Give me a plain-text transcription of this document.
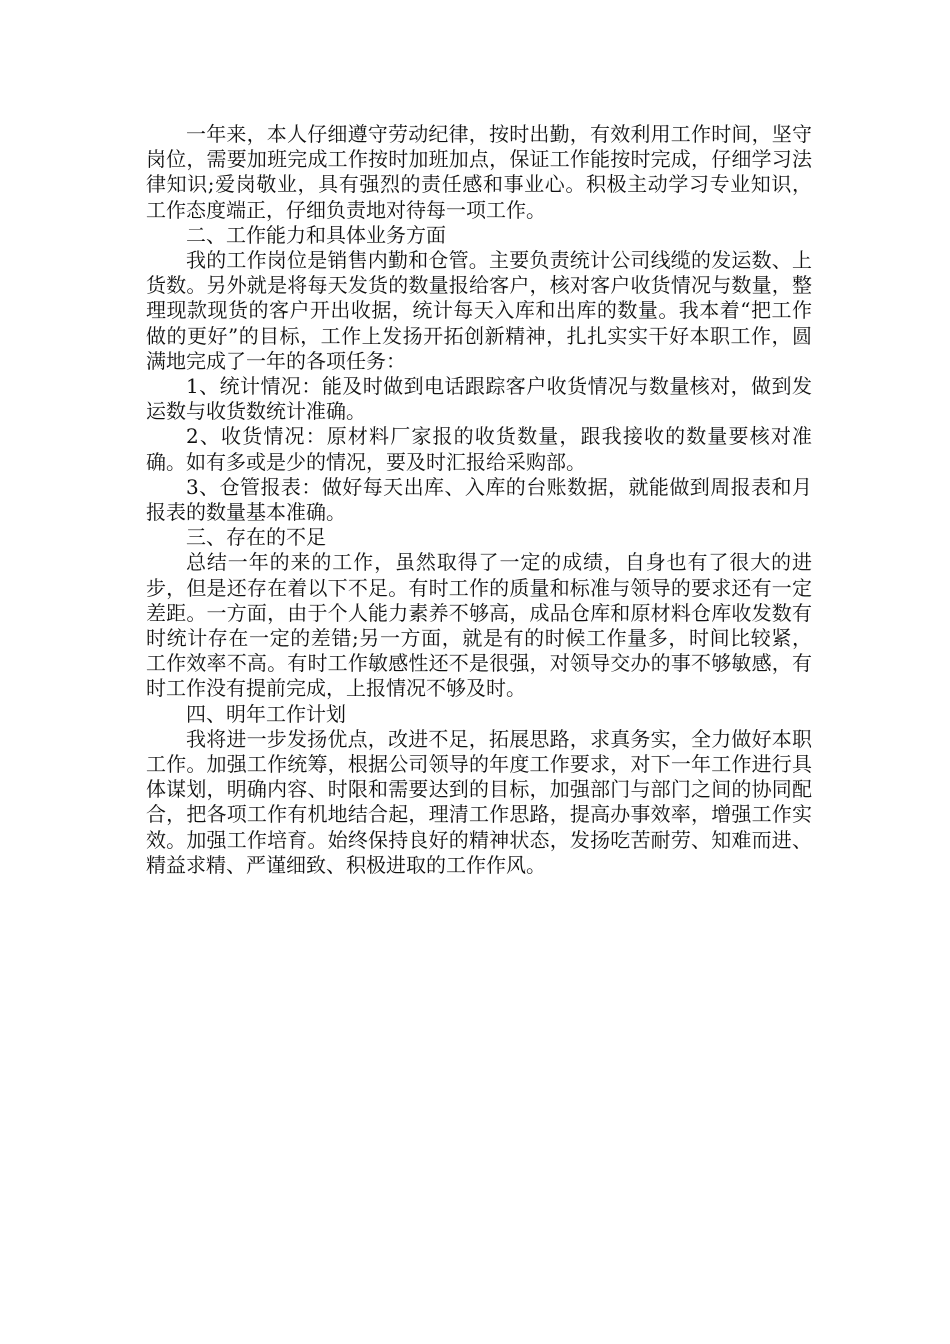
一年来，本人仔细遵守劳动纪律，按时出勤，有效利用工作时间，坚守岗位，需要加班完成工作按时加班加点，保证工作能按时完成，仔细学习法律知识;爱岗敬业，具有强烈的责任感和事业心。积极主动学习专业知识，工作态度端正，仔细负责地对待每一项工作。

二、工作能力和具体业务方面

我的工作岗位是销售内勤和仓管。主要负责统计公司线缆的发运数、上货数。另外就是将每天发货的数量报给客户，核对客户收货情况与数量，整理现款现货的客户开出收据，统计每天入库和出库的数量。我本着“把工作做的更好”的目标，工作上发扬开拓创新精神，扎扎实实干好本职工作，圆满地完成了一年的各项任务：

1、统计情况：能及时做到电话跟踪客户收货情况与数量核对，做到发运数与收货数统计准确。

2、收货情况：原材料厂家报的收货数量，跟我接收的数量要核对准确。如有多或是少的情况，要及时汇报给采购部。

3、仓管报表：做好每天出库、入库的台账数据，就能做到周报表和月报表的数量基本准确。

三、存在的不足

总结一年的来的工作，虽然取得了一定的成绩，自身也有了很大的进步，但是还存在着以下不足。有时工作的质量和标准与领导的要求还有一定差距。一方面，由于个人能力素养不够高，成品仓库和原材料仓库收发数有时统计存在一定的差错;另一方面，就是有的时候工作量多，时间比较紧，工作效率不高。有时工作敏感性还不是很强，对领导交办的事不够敏感，有时工作没有提前完成，上报情况不够及时。

四、明年工作计划

我将进一步发扬优点，改进不足，拓展思路，求真务实，全力做好本职工作。加强工作统筹，根据公司领导的年度工作要求，对下一年工作进行具体谋划，明确内容、时限和需要达到的目标，加强部门与部门之间的协同配合，把各项工作有机地结合起，理清工作思路，提高办事效率，增强工作实效。加强工作培育。始终保持良好的精神状态，发扬吃苦耐劳、知难而进、精益求精、严谨细致、积极进取的工作作风。
